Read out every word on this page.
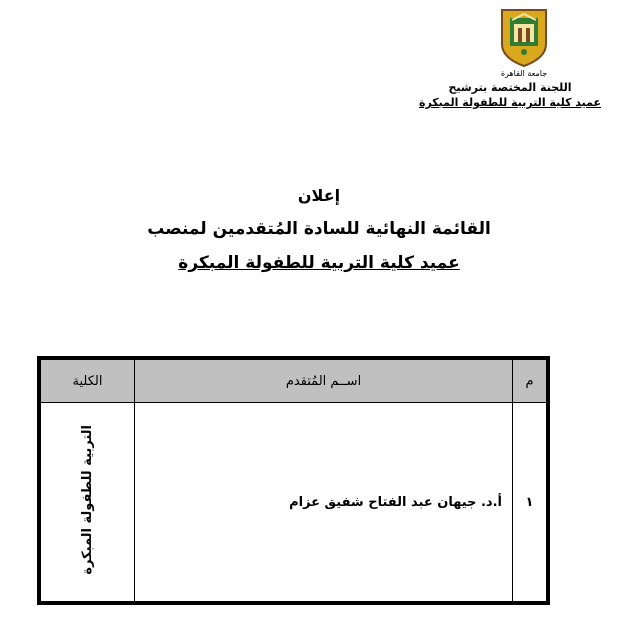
جامعة القاهرة
اللجنة المختصة بترشيح
عميد كلية التربية للطفولة المبكرة
إعلان
القائمة النهائية للسادة المُتقدمين لمنصب
عميد كلية التربية للطفولة المبكرة
م	اســم المُتقدم	الكلية
١	أ.د. جيهان عبد الفتاح شفيق عزام	التربية للطفولة المبكرة
